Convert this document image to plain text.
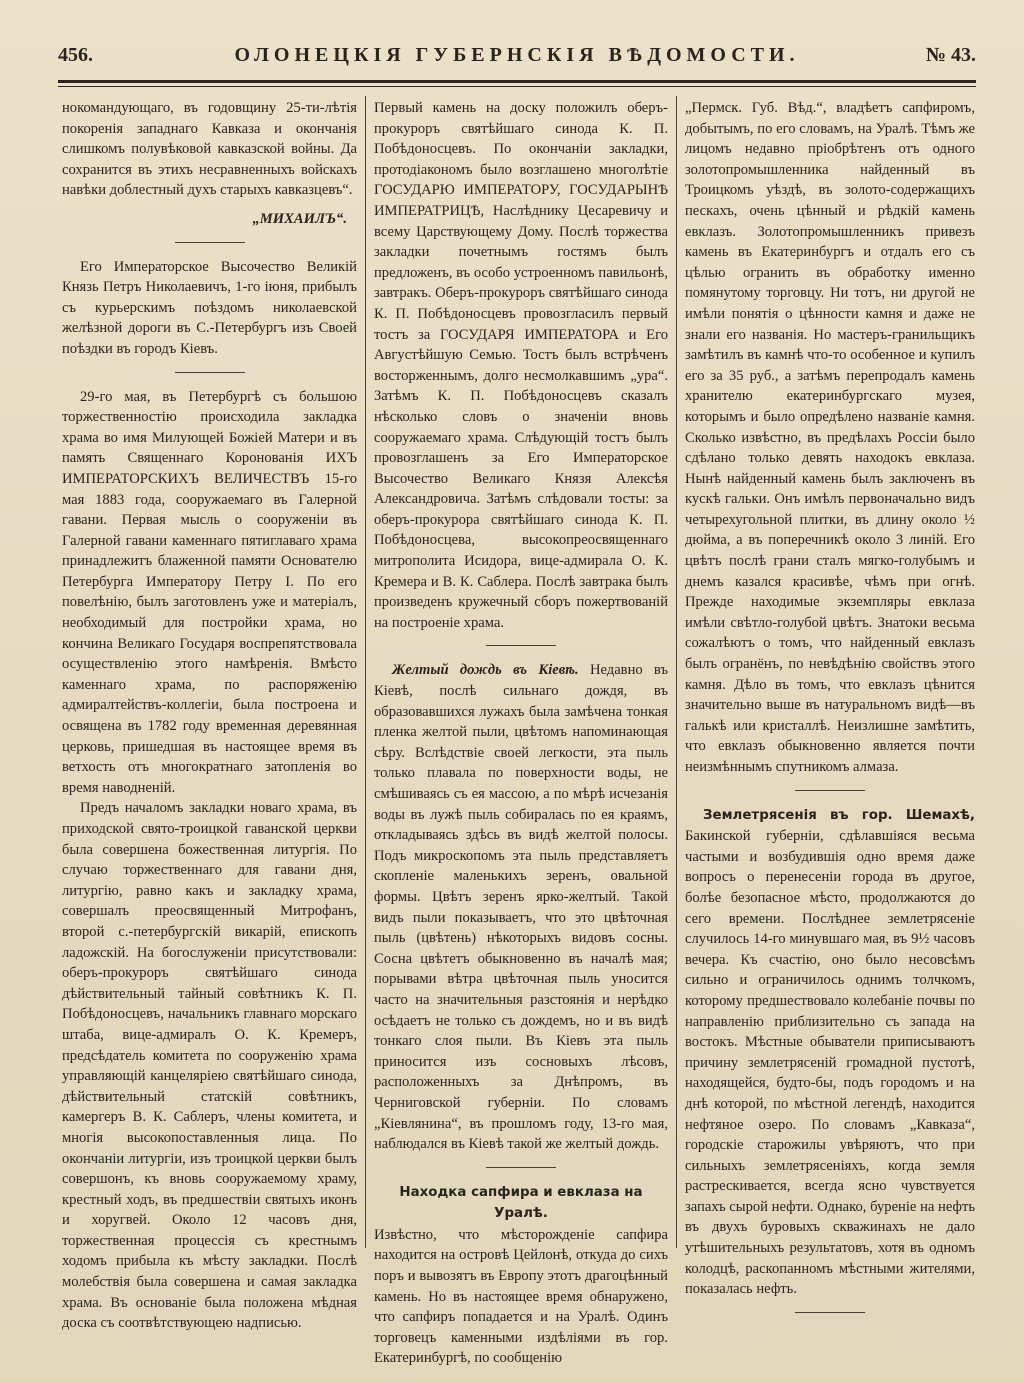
456.	ОЛОНЕЦКІЯ ГУБЕРНСКІЯ ВѢДОМОСТИ.	№ 43.

нокомандующаго, въ годовщину 25-ти-лѣтія покоренія западнаго Кавказа и окончанія слишкомъ полувѣковой кавказской войны. Да сохранится въ этихъ несравненныхъ войскахъ навѣки доблестный духъ старыхъ кавказцевъ“.

„МИХАИЛЪ“.

Его Императорское Высочество Великій Князь Петръ Николаевичъ, 1-го іюня, прибылъ съ курьерскимъ поѣздомъ николаевской желѣзной дороги въ С.-Петербургъ изъ Своей поѣздки въ городъ Кіевъ.

29-го мая, въ Петербургѣ съ большою торжественностію происходила закладка храма во имя Милующей Божіей Матери и въ память Священнаго Коронованія ИХЪ ИМПЕРАТОРСКИХЪ ВЕЛИЧЕСТВЪ 15-го мая 1883 года, сооружаемаго въ Галерной гавани. Первая мысль о сооруженіи въ Галерной гавани каменнаго пятиглаваго храма принадлежитъ блаженной памяти Основателю Петербурга Императору Петру I. По его повелѣнію, былъ заготовленъ уже и матеріалъ, необходимый для постройки храма, но кончина Великаго Государя воспрепятствовала осуществленію этого намѣренія. Вмѣсто каменнаго храма, по распоряженію адмиралтействъ-коллегіи, была построена и освящена въ 1782 году временная деревянная церковь, пришедшая въ настоящее время въ ветхость отъ многократнаго затопленія во время наводненій.

Предъ началомъ закладки новаго храма, въ приходской свято-троицкой гаванской церкви была совершена божественная литургія. По случаю торжественнаго для гавани дня, литургію, равно какъ и закладку храма, совершалъ преосвященный Митрофанъ, второй с.-петербургскій викарій, епископъ ладожскій. На богослуженіи присутствовали: оберъ-прокуроръ святѣйшаго синода дѣйствительный тайный совѣтникъ К. П. Побѣдоносцевъ, начальникъ главнаго морскаго штаба, вице-адмиралъ О. К. Кремеръ, предсѣдатель комитета по сооруженію храма управляющій канцеляріею святѣйшаго синода, дѣйствительный статскій совѣтникъ, камергеръ В. К. Саблеръ, члены комитета, и многія высокопоставленныя лица. По окончаніи литургіи, изъ троицкой церкви былъ совершонъ, къ вновь сооружаемому храму, крестный ходъ, въ предшествіи святыхъ иконъ и хоругвей. Около 12 часовъ дня, торжественная процессія съ крестнымъ ходомъ прибыла къ мѣсту закладки. Послѣ молебствія была совершена и самая закладка храма. Въ основаніе была положена мѣдная доска съ соотвѣтствующею надписью.

Первый камень на доску положилъ оберъ-прокуроръ святѣйшаго синода К. П. Побѣдоносцевъ. По окончаніи закладки, протодіакономъ было возглашено многолѣтіе ГОСУДАРЮ ИМПЕРАТОРУ, ГОСУДАРЫНѢ ИМПЕРАТРИЦѢ, Наслѣднику Цесаревичу и всему Царствующему Дому. Послѣ торжества закладки почетнымъ гостямъ былъ предложенъ, въ особо устроенномъ павильонѣ, завтракъ. Оберъ-прокуроръ святѣйшаго синода К. П. Побѣдоносцевъ провозгласилъ первый тостъ за ГОСУДАРЯ ИМПЕРАТОРА и Его Августѣйшую Семью. Тостъ былъ встрѣченъ восторженнымъ, долго несмолкавшимъ „ура“. Затѣмъ К. П. Побѣдоносцевъ сказалъ нѣсколько словъ о значеніи вновь сооружаемаго храма. Слѣдующій тостъ былъ провозглашенъ за Его Императорское Высочество Великаго Князя Алексѣя Александровича. Затѣмъ слѣдовали тосты: за оберъ-прокурора святѣйшаго синода К. П. Побѣдоносцева, высокопреосвященнаго митрополита Исидора, вице-адмирала О. К. Кремера и В. К. Саблера. Послѣ завтрака былъ произведенъ кружечный сборъ пожертвованій на построеніе храма.

Желтый дождь въ Кіевѣ. Недавно въ Кіевѣ, послѣ сильнаго дождя, въ образовавшихся лужахъ была замѣчена тонкая пленка желтой пыли, цвѣтомъ напоминающая сѣру. Вслѣдствіе своей легкости, эта пыль только плавала по поверхности воды, не смѣшиваясь съ ея массою, а по мѣрѣ исчезанія воды въ лужѣ пыль собиралась по ея краямъ, откладываясь здѣсь въ видѣ желтой полосы. Подъ микроскопомъ эта пыль представляетъ скопленіе маленькихъ зеренъ, овальной формы. Цвѣтъ зеренъ ярко-желтый. Такой видъ пыли показываетъ, что это цвѣточная пыль (цвѣтень) нѣкоторыхъ видовъ сосны. Сосна цвѣтетъ обыкновенно въ началѣ мая; порывами вѣтра цвѣточная пыль уносится часто на значительныя разстоянія и нерѣдко осѣдаетъ не только съ дождемъ, но и въ видѣ тонкаго слоя пыли. Въ Кіевъ эта пыль приносится изъ сосновыхъ лѣсовъ, расположенныхъ за Днѣпромъ, въ Черниговской губерніи. По словамъ „Кіевлянина“, въ прошломъ году, 13-го мая, наблюдался въ Кіевѣ такой же желтый дождь.

Находка сапфира и евклаза на Уралѣ.

Извѣстно, что мѣсторожденіе сапфира находится на островѣ Цейлонѣ, откуда до сихъ поръ и вывозятъ въ Европу этотъ драгоцѣнный камень. Но въ настоящее время обнаружено, что сапфиръ попадается и на Уралѣ. Одинъ торговецъ каменными издѣліями въ гор. Екатеринбургѣ, по сообщенію

„Пермск. Губ. Вѣд.“, владѣетъ сапфиромъ, добытымъ, по его словамъ, на Уралѣ. Тѣмъ же лицомъ недавно пріобрѣтенъ отъ одного золотопромышленника найденный въ Троицкомъ уѣздѣ, въ золото-содержащихъ пескахъ, очень цѣнный и рѣдкій камень евклазъ. Золотопромышленникъ привезъ камень въ Екатеринбургъ и отдалъ его съ цѣлью огранить въ обработку именно помянутому торговцу. Ни тотъ, ни другой не имѣли понятія о цѣнности камня и даже не знали его названія. Но мастеръ-гранильщикъ замѣтилъ въ камнѣ что-то особенное и купилъ его за 35 руб., а затѣмъ перепродалъ камень хранителю екатеринбургскаго музея, которымъ и было опредѣлено названіе камня. Сколько извѣстно, въ предѣлахъ Россіи было сдѣлано только девять находокъ евклаза. Нынѣ найденный камень былъ заключенъ въ кускѣ гальки. Онъ имѣлъ первоначально видъ четырехугольной плитки, въ длину около ½ дюйма, а въ поперечникѣ около 3 линій. Его цвѣтъ послѣ грани сталъ мягко-голубымъ и днемъ казался красивѣе, чѣмъ при огнѣ. Прежде находимые экземпляры евклаза имѣли свѣтло-голубой цвѣтъ. Знатоки весьма сожалѣютъ о томъ, что найденный евклазъ былъ огранёнъ, по невѣдѣнію свойствъ этого камня. Дѣло въ томъ, что евклазъ цѣнится значительно выше въ натуральномъ видѣ—въ галькѣ или кристаллѣ. Неизлишне замѣтить, что евклазъ обыкновенно является почти неизмѣннымъ спутникомъ алмаза.

Землетрясенія въ гор. Шемахѣ, Бакинской губерніи, сдѣлавшіяся весьма частыми и возбудившія одно время даже вопросъ о перенесеніи города въ другое, болѣе безопасное мѣсто, продолжаются до сего времени. Послѣднее землетрясеніе случилось 14-го минувшаго мая, въ 9½ часовъ вечера. Къ счастію, оно было несовсѣмъ сильно и ограничилось однимъ толчкомъ, которому предшествовало колебаніе почвы по направленію приблизительно съ запада на востокъ. Мѣстные обыватели приписываютъ причину землетрясеній громадной пустотѣ, находящейся, будто-бы, подъ городомъ и на днѣ которой, по мѣстной легендѣ, находится нефтяное озеро. По словамъ „Кавказа“, городскіе старожилы увѣряютъ, что при сильныхъ землетрясеніяхъ, когда земля растрескивается, всегда ясно чувствуется запахъ сырой нефти. Однако, буреніе на нефть въ двухъ буровыхъ скважинахъ не дало утѣшительныхъ результатовъ, хотя въ одномъ колодцѣ, раскопанномъ мѣстными жителями, показалась нефть.
